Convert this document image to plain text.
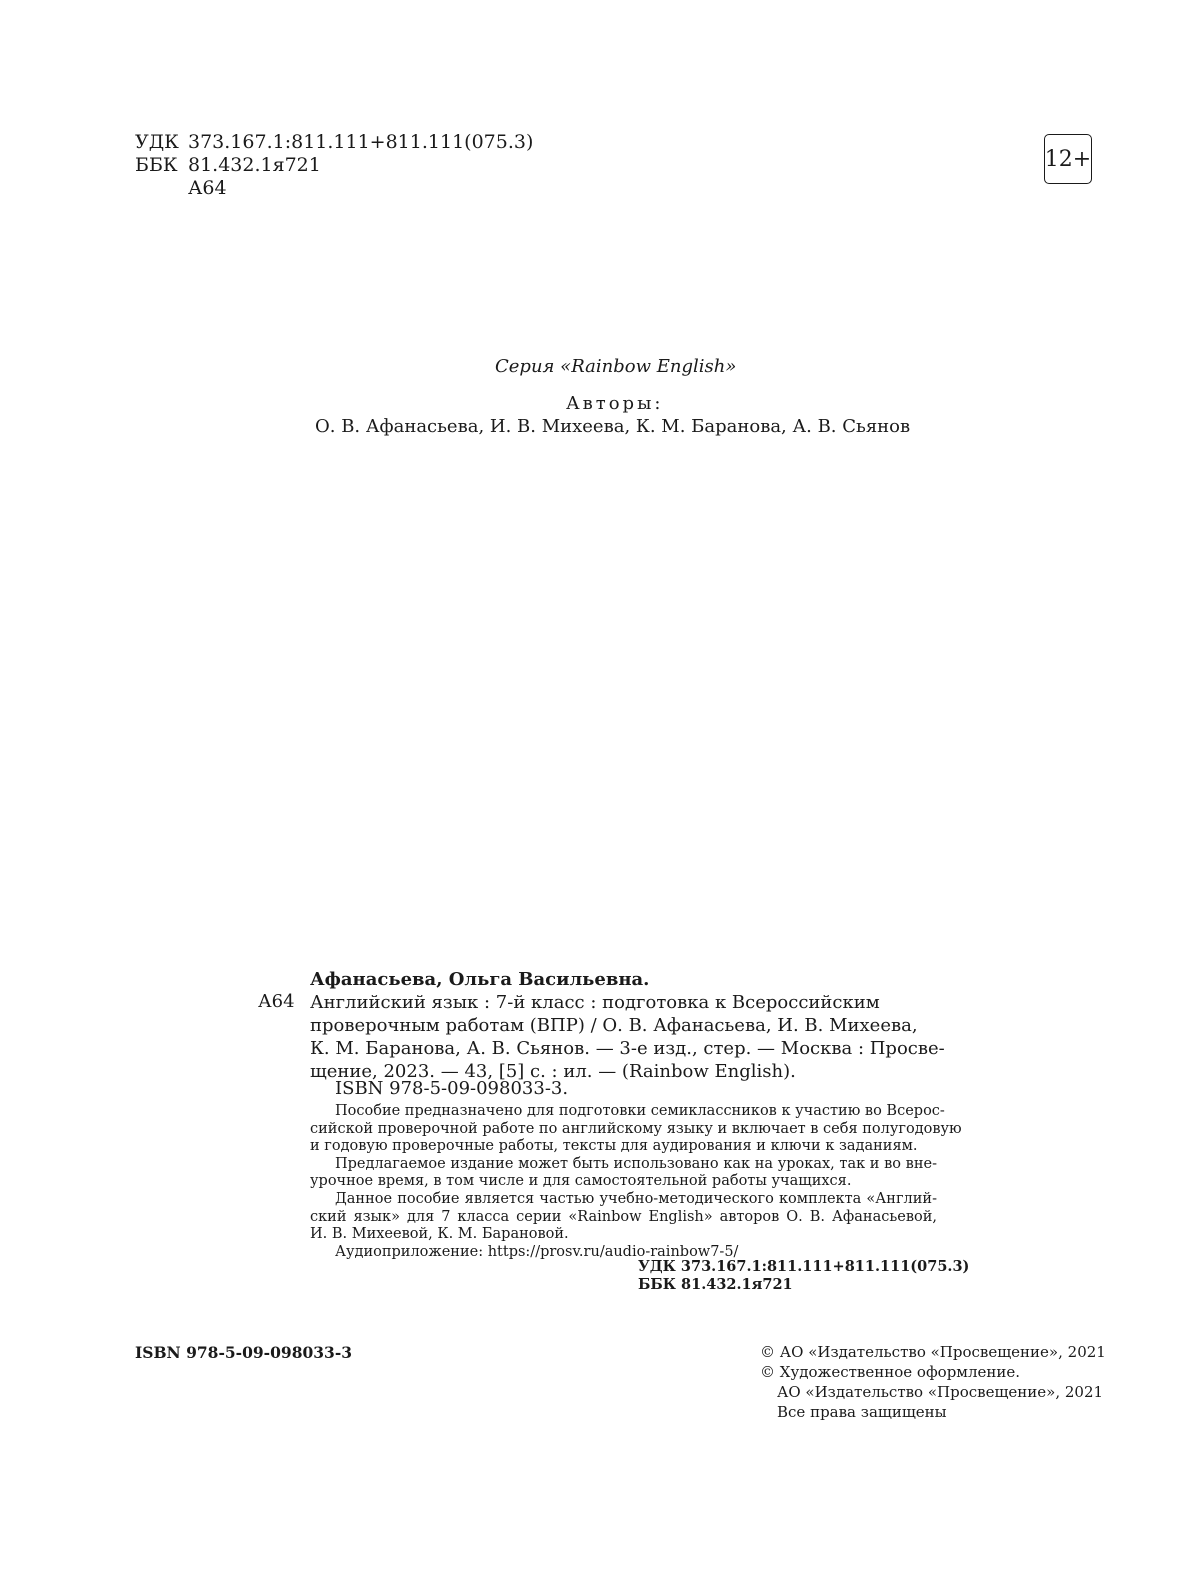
УДК 373.167.1:811.111+811.111(075.3)
ББК 81.432.1я721
А64
12+
Серия «Rainbow English»
Авторы:
О. В. Афанасьева, И. В. Михеева, К. М. Баранова, А. В. Сьянов
Афанасьева, Ольга Васильевна.
А64 Английский язык : 7-й класс : подготовка к Всероссийским
проверочным работам (ВПР) / О. В. Афанасьева, И. В. Михеева,
К. М. Баранова, А. В. Сьянов. — 3-е изд., стер. — Москва : Просве-
щение, 2023. — 43, [5] с. : ил. — (Rainbow English).
ISBN 978-5-09-098033-3.
Пособие предназначено для подготовки семиклассников к участию во Всерос-
сийской проверочной работе по английскому языку и включает в себя полугодовую
и годовую проверочные работы, тексты для аудирования и ключи к заданиям.
Предлагаемое издание может быть использовано как на уроках, так и во вне-
урочное время, в том числе и для самостоятельной работы учащихся.
Данное пособие является частью учебно-методического комплекта «Англий-
ский язык» для 7 класса серии «Rainbow English» авторов О. В. Афанасьевой,
И. В. Михеевой, К. М. Барановой.
Аудиоприложение: https://prosv.ru/audio-rainbow7-5/
УДК 373.167.1:811.111+811.111(075.3)
ББК 81.432.1я721
ISBN 978-5-09-098033-3	© АО «Издательство «Просвещение», 2021
© Художественное оформление.
АО «Издательство «Просвещение», 2021
Все права защищены
